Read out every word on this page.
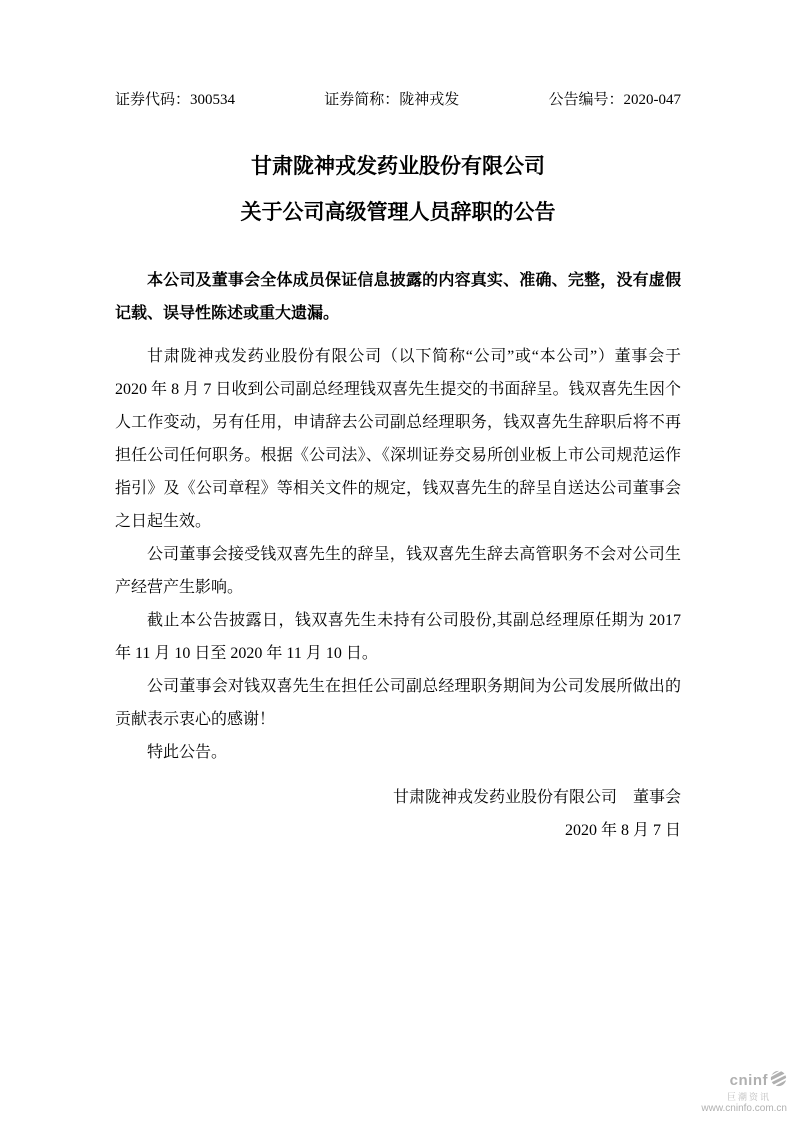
证券代码：300534	证券简称：陇神戎发	公告编号：2020-047
甘肃陇神戎发药业股份有限公司
关于公司高级管理人员辞职的公告

本公司及董事会全体成员保证信息披露的内容真实、准确、完整，没有虚假记载、误导性陈述或重大遗漏。

甘肃陇神戎发药业股份有限公司（以下简称“公司”或“本公司”）董事会于 2020 年 8 月 7 日收到公司副总经理钱双喜先生提交的书面辞呈。钱双喜先生因个人工作变动，另有任用，申请辞去公司副总经理职务，钱双喜先生辞职后将不再担任公司任何职务。根据《公司法》、《深圳证券交易所创业板上市公司规范运作指引》及《公司章程》等相关文件的规定，钱双喜先生的辞呈自送达公司董事会之日起生效。

公司董事会接受钱双喜先生的辞呈，钱双喜先生辞去高管职务不会对公司生产经营产生影响。

截止本公告披露日，钱双喜先生未持有公司股份,其副总经理原任期为 2017 年 11 月 10 日至 2020 年 11 月 10 日。

公司董事会对钱双喜先生在担任公司副总经理职务期间为公司发展所做出的贡献表示衷心的感谢！

特此公告。

甘肃陇神戎发药业股份有限公司　董事会

2020 年 8 月 7 日

cninf
巨潮资讯
www.cninfo.com.cn
